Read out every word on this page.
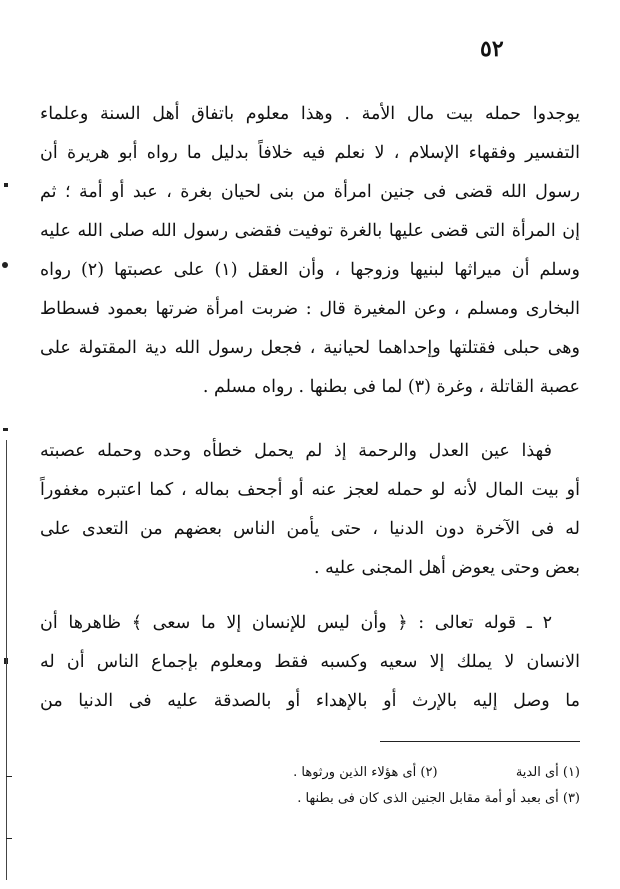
٥٢
يوجدوا حمله بيت مال الأمة . وهذا معلوم باتفاق أهل السنة وعلماء
التفسير وفقهاء الإسلام ، لا نعلم فيه خلافاً بدليل ما رواه أبو هريرة أن
رسول الله قضى فى جنين امرأة من بنى لحيان بغرة ، عبد أو أمة ؛ ثم
إن المرأة التى قضى عليها بالغرة توفيت فقضى رسول الله صلى الله عليه
وسلم أن ميراثها لبنيها وزوجها ، وأن العقل (١) على عصبتها (٢) رواه
البخارى ومسلم ، وعن المغيرة قال : ضربت امرأة ضرتها بعمود فسطاط
وهى حبلى فقتلتها وإحداهما لحيانية ، فجعل رسول الله دية المقتولة على
عصبة القاتلة ، وغرة (٣) لما فى بطنها . رواه مسلم .
فهذا عين العدل والرحمة إذ لم يحمل خطأه وحده وحمله عصبته
أو بيت المال لأنه لو حمله لعجز عنه أو أجحف بماله ، كما اعتبره مغفوراً
له فى الآخرة دون الدنيا ، حتى يأمن الناس بعضهم من التعدى على
بعض وحتى يعوض أهل المجنى عليه .
٢ ـ قوله تعالى : ﴿ وأن ليس للإنسان إلا ما سعى ﴾ ظاهرها أن
الانسان لا يملك إلا سعيه وكسبه فقط ومعلوم بإجماع الناس أن له
ما وصل إليه بالإرث أو بالإهداء أو بالصدقة عليه فى الدنيا من
(١) أى الدية  (٢) أى هؤلاء الذين ورثوها .
(٣) أى بعبد أو أمة مقابل الجنين الذى كان فى بطنها .
